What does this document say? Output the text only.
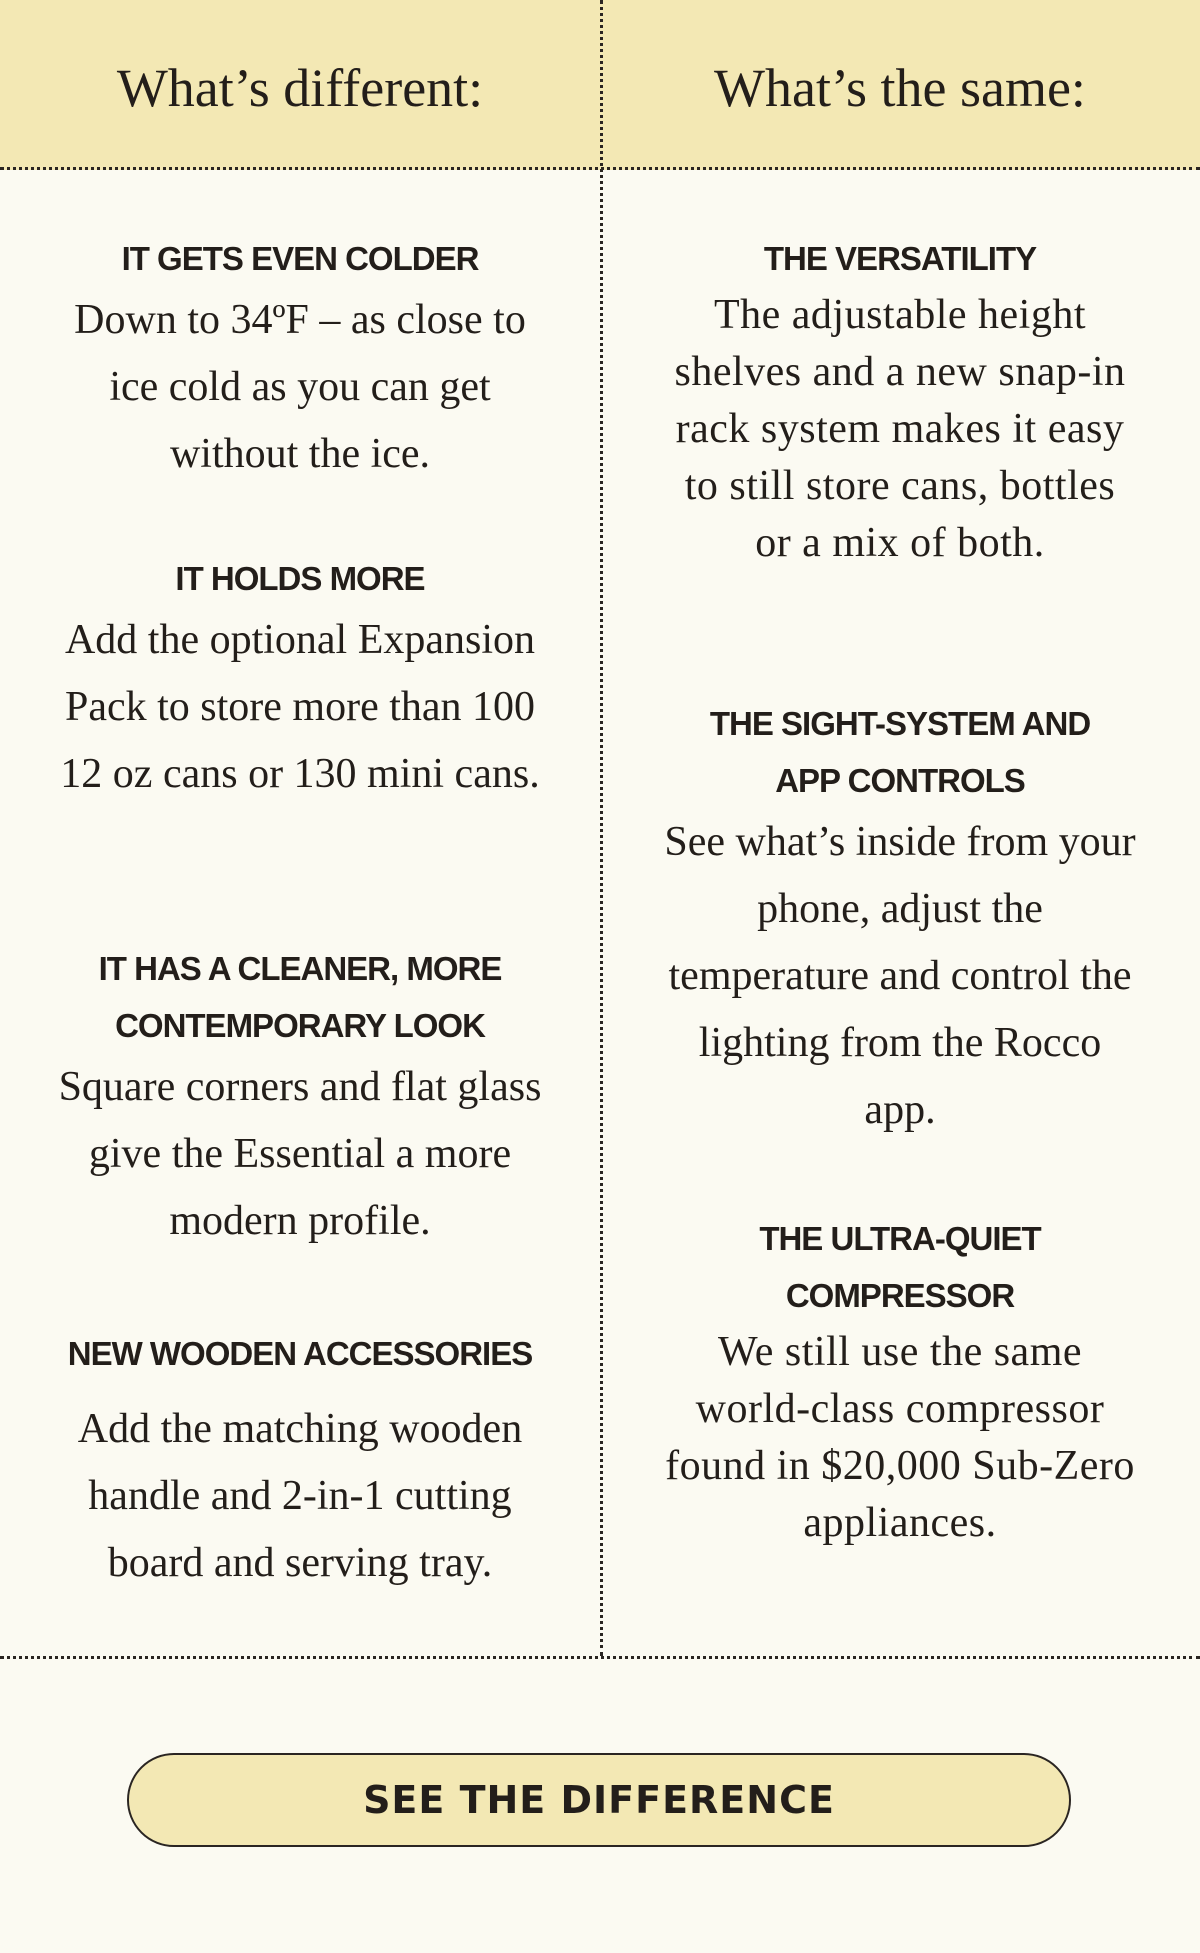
What’s different:	What’s the same:
IT GETS EVEN COLDER
Down to 34ºF – as close to ice cold as you can get without the ice.
IT HOLDS MORE
Add the optional Expansion Pack to store more than 100 12 oz cans or 130 mini cans.
IT HAS A CLEANER, MORE CONTEMPORARY LOOK
Square corners and flat glass give the Essential a more modern profile.
NEW WOODEN ACCESSORIES
Add the matching wooden handle and 2-in-1 cutting board and serving tray.
THE VERSATILITY
The adjustable height shelves and a new snap-in rack system makes it easy to still store cans, bottles or a mix of both.
THE SIGHT-SYSTEM AND APP CONTROLS
See what’s inside from your phone, adjust the temperature and control the lighting from the Rocco app.
THE ULTRA-QUIET COMPRESSOR
We still use the same world-class compressor found in $20,000 Sub-Zero appliances.
SEE THE DIFFERENCE
